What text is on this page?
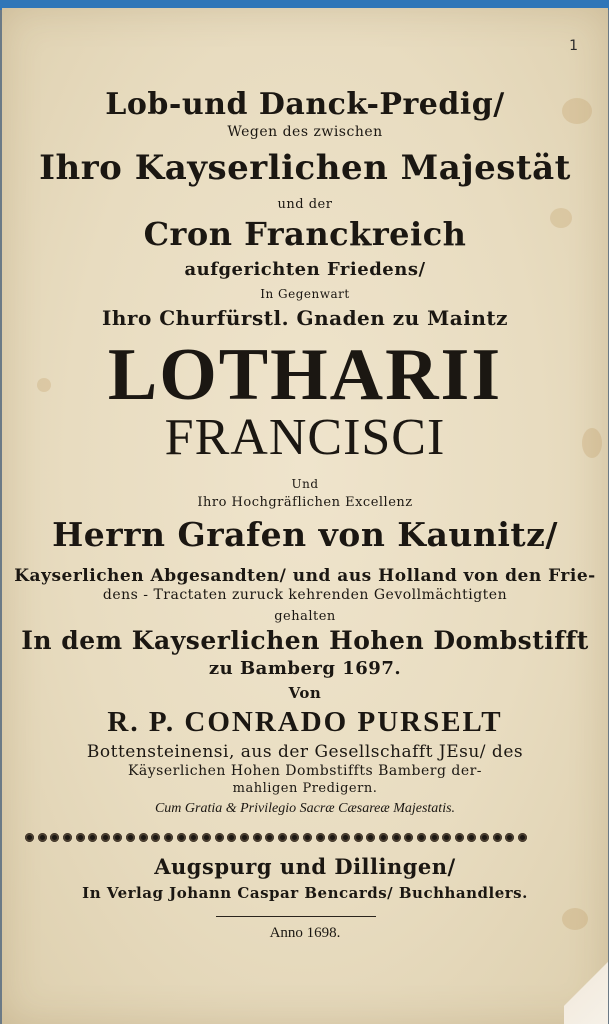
1
Lob-und Danck-Predig/
Wegen des zwischen
Ihro Kayserlichen Majestät
und der
Cron Franckreich
aufgerichten Friedens/
In Gegenwart
Ihro Churfürstl. Gnaden zu Maintz
LOTHARII
FRANCISCI
Und
Ihro Hochgräflichen Excellenz
Herrn Grafen von Kaunitz/
Kayserlichen Abgesandten/ und aus Holland von den Frie-
dens - Tractaten zuruck kehrenden Gevollmächtigten
gehalten
In dem Kayserlichen Hohen Dombstifft
zu Bamberg 1697.
Von
R. P. CONRADO PURSELT
Bottensteinensi, aus der Gesellschafft JEsu/ des
Käyserlichen Hohen Dombstiffts Bamberg der-
mahligen Predigern.
Cum Gratia & Privilegio Sacræ Cæsareæ Majestatis.
Augspurg und Dillingen/
In Verlag Johann Caspar Bencards/ Buchhandlers.
Anno 1698.
